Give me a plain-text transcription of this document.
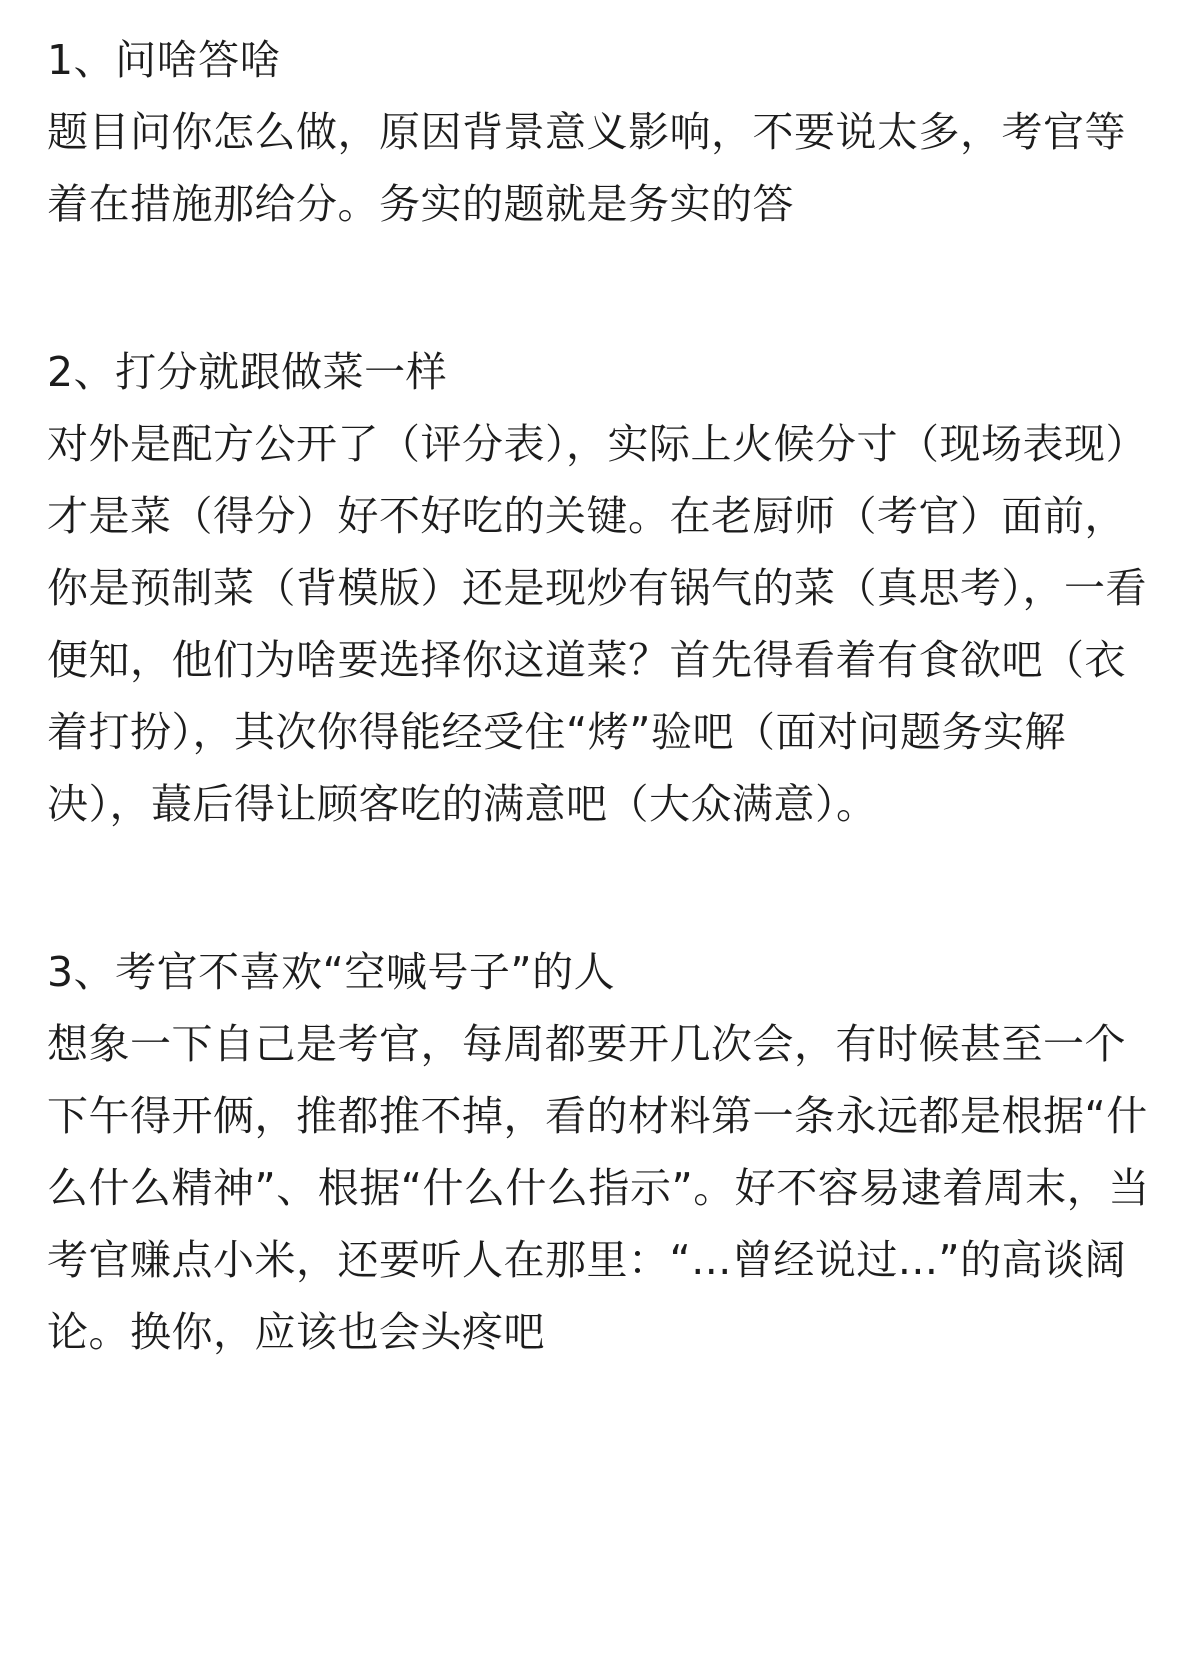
1、问啥答啥

题目问你怎么做，原因背景意义影响，不要说太多，考官等着在措施那给分。务实的题就是务实的答

2、打分就跟做菜一样

对外是配方公开了（评分表），实际上火候分寸（现场表现）才是菜（得分）好不好吃的关键。在老厨师（考官）面前，你是预制菜（背模版）还是现炒有锅气的菜（真思考），一看便知，他们为啥要选择你这道菜？首先得看着有食欲吧（衣着打扮），其次你得能经受住“烤”验吧（面对问题务实解决），蕞后得让顾客吃的满意吧（大众满意）。

3、考官不喜欢“空喊号子”的人

想象一下自己是考官，每周都要开几次会，有时候甚至一个下午得开俩，推都推不掉，看的材料第一条永远都是根据“什么什么精神”、根据“什么什么指示”。好不容易逮着周末，当考官赚点小米，还要听人在那里：“...曾经说过...”的高谈阔论。换你，应该也会头疼吧
